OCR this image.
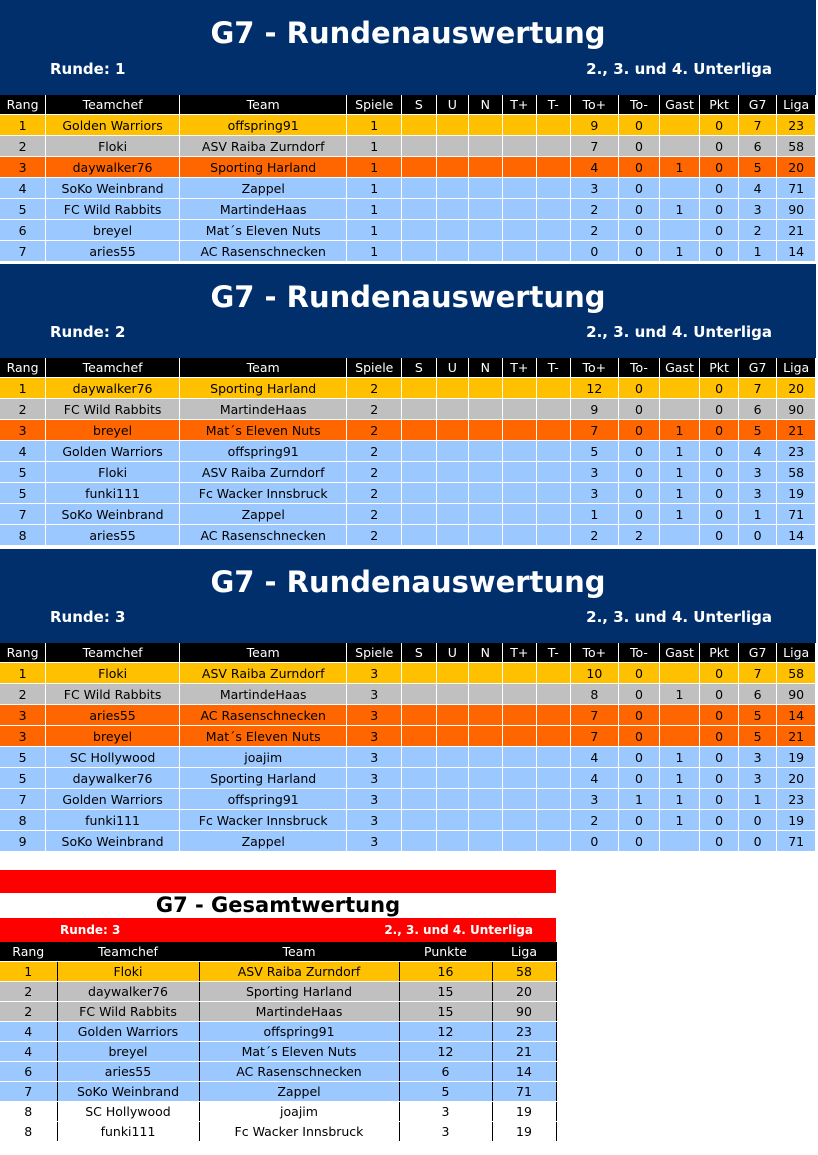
G7 - Rundenauswertung
Runde: 1	2., 3. und 4. Unterliga
Rang	Teamchef	Team	Spiele	S	U	N	T+	T-	To+	To-	Gast	Pkt	G7	Liga
1	Golden Warriors	offspring91	1						9	0		0	7	23
2	Floki	ASV Raiba Zurndorf	1						7	0		0	6	58
3	daywalker76	Sporting Harland	1						4	0	1	0	5	20
4	SoKo Weinbrand	Zappel	1						3	0		0	4	71
5	FC Wild Rabbits	MartindeHaas	1						2	0	1	0	3	90
6	breyel	Mat´s Eleven Nuts	1						2	0		0	2	21
7	aries55	AC Rasenschnecken	1						0	0	1	0	1	14
G7 - Rundenauswertung
Runde: 2	2., 3. und 4. Unterliga
Rang	Teamchef	Team	Spiele	S	U	N	T+	T-	To+	To-	Gast	Pkt	G7	Liga
1	daywalker76	Sporting Harland	2						12	0		0	7	20
2	FC Wild Rabbits	MartindeHaas	2						9	0		0	6	90
3	breyel	Mat´s Eleven Nuts	2						7	0	1	0	5	21
4	Golden Warriors	offspring91	2						5	0	1	0	4	23
5	Floki	ASV Raiba Zurndorf	2						3	0	1	0	3	58
5	funki111	Fc Wacker Innsbruck	2						3	0	1	0	3	19
7	SoKo Weinbrand	Zappel	2						1	0	1	0	1	71
8	aries55	AC Rasenschnecken	2						2	2		0	0	14
G7 - Rundenauswertung
Runde: 3	2., 3. und 4. Unterliga
Rang	Teamchef	Team	Spiele	S	U	N	T+	T-	To+	To-	Gast	Pkt	G7	Liga
1	Floki	ASV Raiba Zurndorf	3						10	0		0	7	58
2	FC Wild Rabbits	MartindeHaas	3						8	0	1	0	6	90
3	aries55	AC Rasenschnecken	3						7	0		0	5	14
3	breyel	Mat´s Eleven Nuts	3						7	0		0	5	21
5	SC Hollywood	joajim	3						4	0	1	0	3	19
5	daywalker76	Sporting Harland	3						4	0	1	0	3	20
7	Golden Warriors	offspring91	3						3	1	1	0	1	23
8	funki111	Fc Wacker Innsbruck	3						2	0	1	0	0	19
9	SoKo Weinbrand	Zappel	3						0	0		0	0	71
G7 - Gesamtwertung
Runde: 3	2., 3. und 4. Unterliga
Rang	Teamchef	Team	Punkte	Liga
1	Floki	ASV Raiba Zurndorf	16	58
2	daywalker76	Sporting Harland	15	20
2	FC Wild Rabbits	MartindeHaas	15	90
4	Golden Warriors	offspring91	12	23
4	breyel	Mat´s Eleven Nuts	12	21
6	aries55	AC Rasenschnecken	6	14
7	SoKo Weinbrand	Zappel	5	71
8	SC Hollywood	joajim	3	19
8	funki111	Fc Wacker Innsbruck	3	19
